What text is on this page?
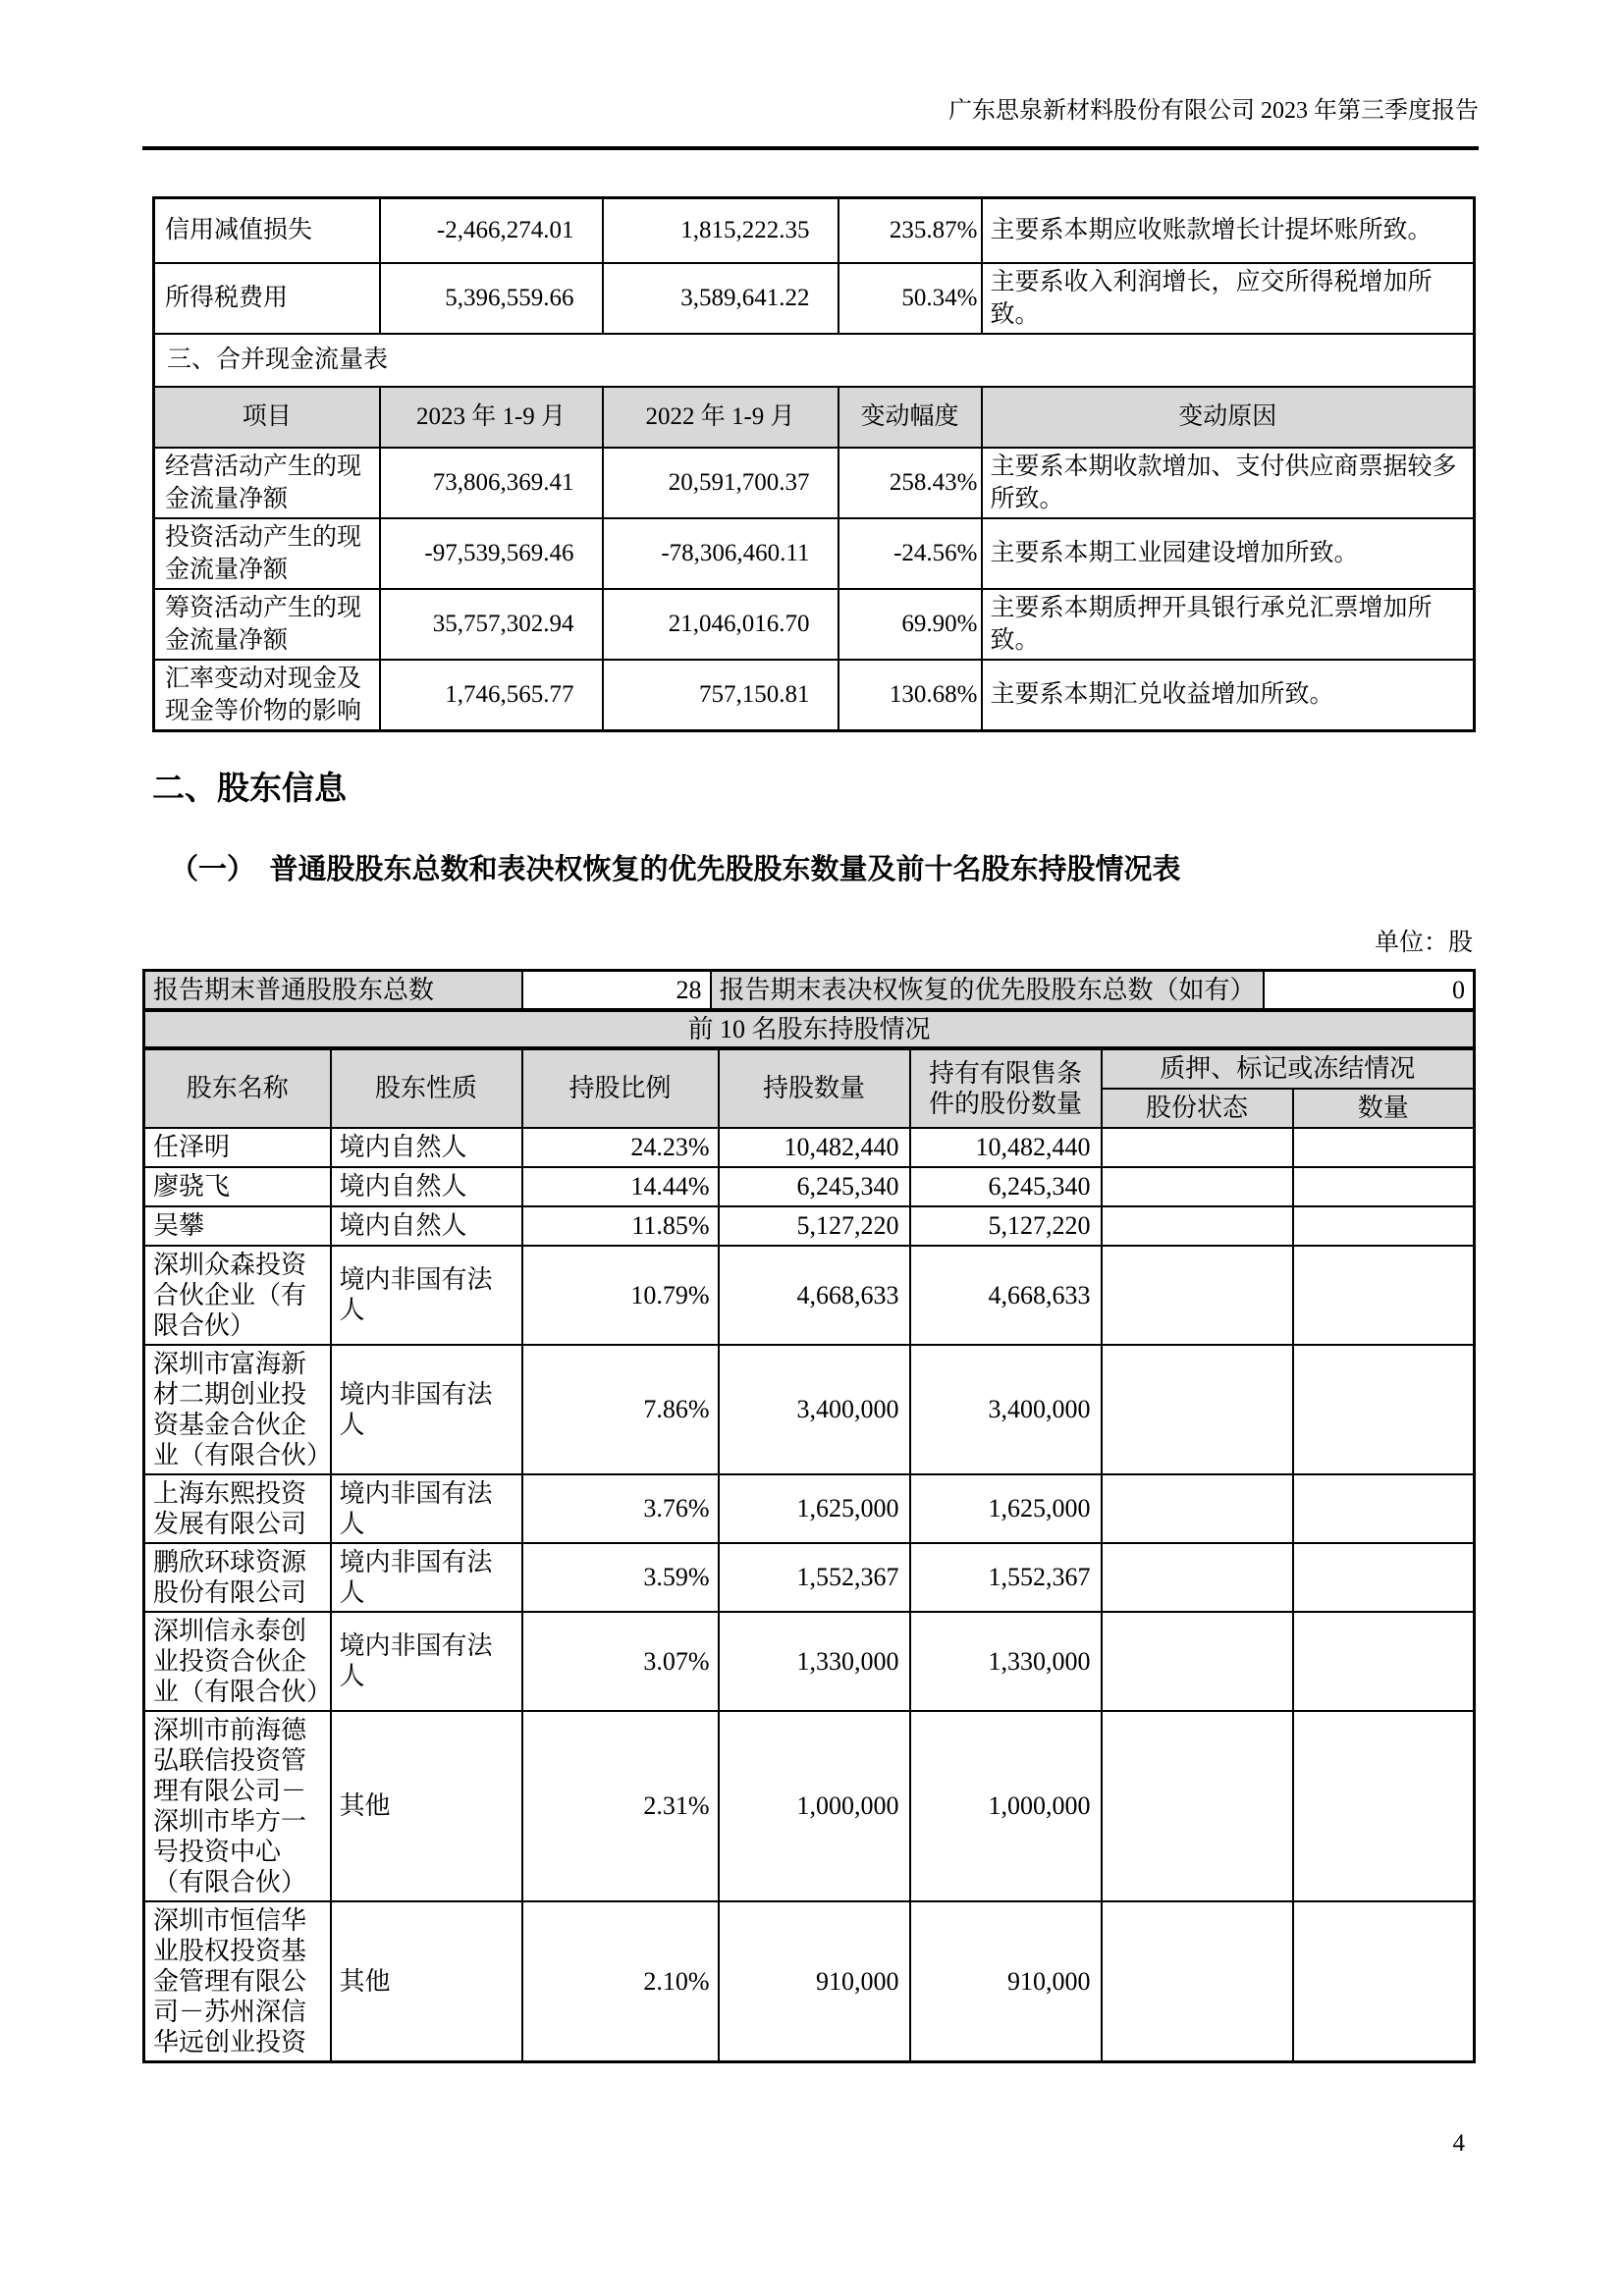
广东思泉新材料股份有限公司 2023 年第三季度报告
信用减值损失	-2,466,274.01	1,815,222.35	235.87%	主要系本期应收账款增长计提坏账所致。
所得税费用	5,396,559.66	3,589,641.22	50.34%	主要系收入利润增长，应交所得税增加所致。
三、合并现金流量表				
项目	2023 年 1-9 月	2022 年 1-9 月	变动幅度	变动原因
经营活动产生的现金流量净额	73,806,369.41	20,591,700.37	258.43%	主要系本期收款增加、支付供应商票据较多所致。
投资活动产生的现金流量净额	-97,539,569.46	-78,306,460.11	-24.56%	主要系本期工业园建设增加所致。
筹资活动产生的现金流量净额	35,757,302.94	21,046,016.70	69.90%	主要系本期质押开具银行承兑汇票增加所致。
汇率变动对现金及现金等价物的影响	1,746,565.77	757,150.81	130.68%	主要系本期汇兑收益增加所致。
二、股东信息
（一）　普通股股东总数和表决权恢复的优先股股东数量及前十名股东持股情况表
单位：股
报告期末普通股股东总数	28	报告期末表决权恢复的优先股股东总数（如有）	0
前 10 名股东持股情况
股东名称	股东性质	持股比例	持股数量	持有有限售条件的股份数量	质押、标记或冻结情况	
					股份状态	数量
任泽明	境内自然人	24.23%	10,482,440	10,482,440		
廖骁飞	境内自然人	14.44%	6,245,340	6,245,340		
吴攀	境内自然人	11.85%	5,127,220	5,127,220		
深圳众森投资合伙企业（有限合伙）	境内非国有法人	10.79%	4,668,633	4,668,633		
深圳市富海新材二期创业投资基金合伙企业（有限合伙）	境内非国有法人	7.86%	3,400,000	3,400,000		
上海东熙投资发展有限公司	境内非国有法人	3.76%	1,625,000	1,625,000		
鹏欣环球资源股份有限公司	境内非国有法人	3.59%	1,552,367	1,552,367		
深圳信永泰创业投资合伙企业（有限合伙）	境内非国有法人	3.07%	1,330,000	1,330,000		
深圳市前海德弘联信投资管理有限公司－深圳市毕方一号投资中心（有限合伙）	其他	2.31%	1,000,000	1,000,000		
深圳市恒信华业股权投资基金管理有限公司－苏州深信华远创业投资	其他	2.10%	910,000	910,000		
4
